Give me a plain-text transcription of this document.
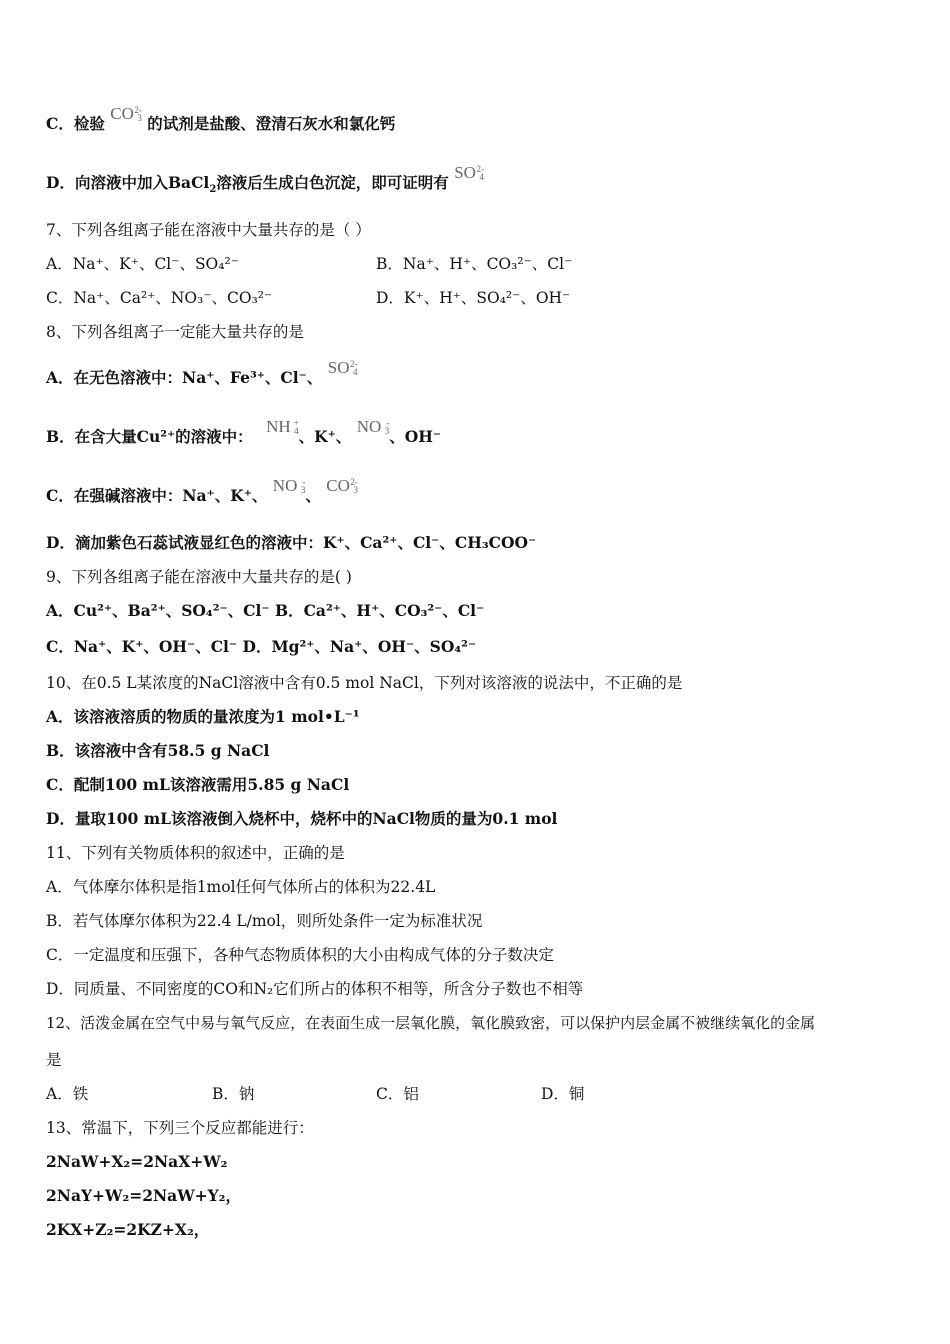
C．检验 CO 2-
3 的试剂是盐酸、澄清石灰水和氯化钙
D．向溶液中加入BaCl$_2$溶液后生成白色沉淀，即可证明有 SO 2-
4
7、下列各组离子能在溶液中大量共存的是（ ）
A．Na⁺、K⁺、Cl⁻、SO₄²⁻	B．Na⁺、H⁺、CO₃²⁻、Cl⁻
C．Na⁺、Ca²⁺、NO₃⁻、CO₃²⁻	D．K⁺、H⁺、SO₄²⁻、OH⁻
8、下列各组离子一定能大量共存的是
A．在无色溶液中：Na⁺、Fe³⁺、Cl⁻、 SO 2-
4
B．在含大量Cu²⁺的溶液中： NH +
4 、K⁺、 NO -
3 、OH⁻
C．在强碱溶液中：Na⁺、K⁺、 NO -
3 、 CO 2-
3
D．滴加紫色石蕊试液显红色的溶液中：K⁺、Ca²⁺、Cl⁻、CH₃COO⁻
9、下列各组离子能在溶液中大量共存的是( )
A．Cu²⁺、Ba²⁺、SO₄²⁻、Cl⁻ B．Ca²⁺、H⁺、CO₃²⁻、Cl⁻
C．Na⁺、K⁺、OH⁻、Cl⁻ D．Mg²⁺、Na⁺、OH⁻、SO₄²⁻
10、在0.5 L某浓度的NaCl溶液中含有0.5 mol NaCl，下列对该溶液的说法中，不正确的是
A．该溶液溶质的物质的量浓度为1 mol•L⁻¹
B．该溶液中含有58.5 g NaCl
C．配制100 mL该溶液需用5.85 g NaCl
D．量取100 mL该溶液倒入烧杯中，烧杯中的NaCl物质的量为0.1 mol
11、下列有关物质体积的叙述中，正确的是
A．气体摩尔体积是指1mol任何气体所占的体积为22.4L
B．若气体摩尔体积为22.4 L/mol，则所处条件一定为标准状况
C．一定温度和压强下，各种气态物质体积的大小由构成气体的分子数决定
D．同质量、不同密度的CO和N₂它们所占的体积不相等，所含分子数也不相等
12、活泼金属在空气中易与氧气反应，在表面生成一层氧化膜，氧化膜致密，可以保护内层金属不被继续氧化的金属
是
A．铁	B．钠	C．铝	D．铜
13、常温下，下列三个反应都能进行：
2NaW+X₂=2NaX+W₂
2NaY+W₂=2NaW+Y₂，
2KX+Z₂=2KZ+X₂，
